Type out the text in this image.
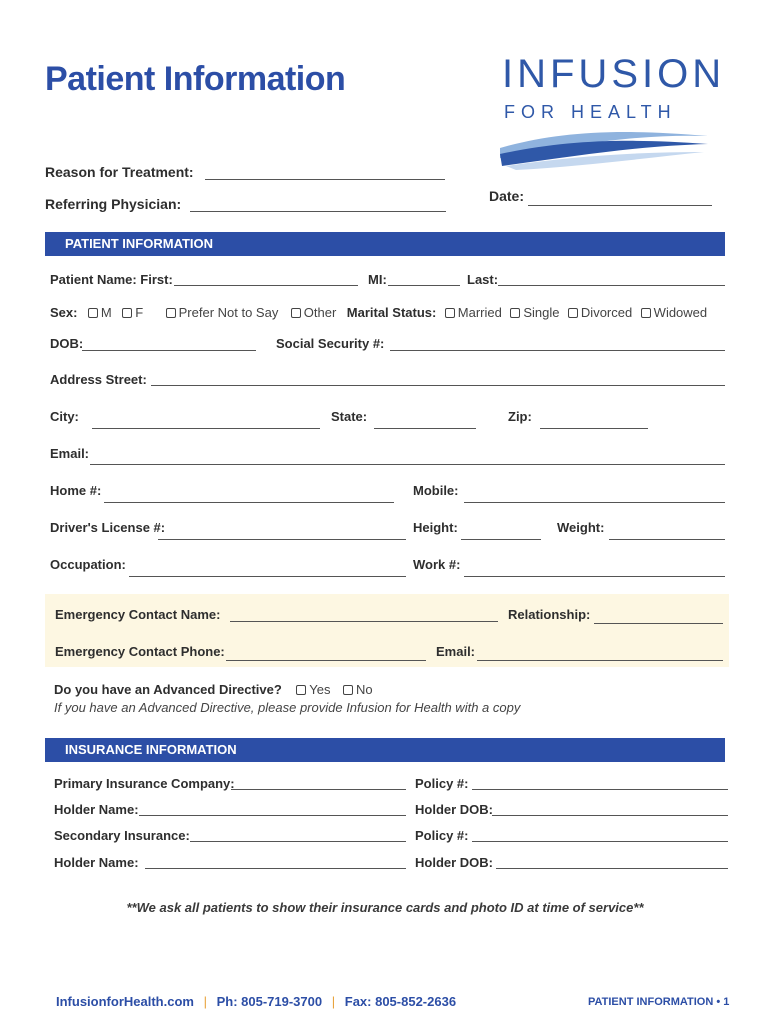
Patient Information	INFUSION
FOR HEALTH
Reason for Treatment:
Date:
Referring Physician:
PATIENT INFORMATION
Patient Name: First:	MI:	Last:
Sex: M F	Prefer Not to Say Other Marital Status: Married Single Divorced Widowed
DOB:	Social Security #:
Address Street:
City:	State:	Zip:
Email:
Home #:	Mobile:
Driver's License #:	Height:	Weight:
Occupation:	Work #:
Emergency Contact Name:	Relationship:
Emergency Contact Phone:	Email:
Do you have an Advanced Directive? Yes No
If you have an Advanced Directive, please provide Infusion for Health with a copy
INSURANCE INFORMATION
Primary Insurance Company:	Policy #:
Holder Name:	Holder DOB:
Secondary Insurance:	Policy #:
Holder Name:	Holder DOB:
**We ask all patients to show their insurance cards and photo ID at time of service**
InfusionforHealth.com | Ph: 805-719-3700 | Fax: 805-852-2636	PATIENT INFORMATION • 1
